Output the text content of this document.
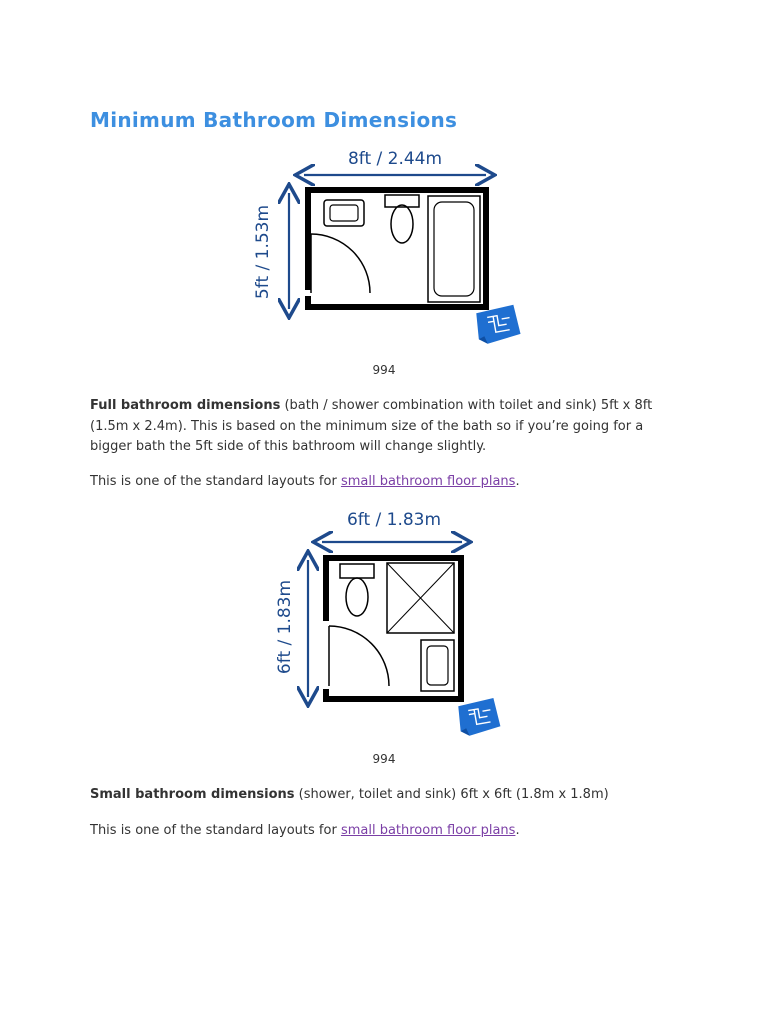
Minimum Bathroom Dimensions
8ft / 2.44m
5ft / 1.53m
994

Full bathroom dimensions (bath / shower combination with toilet and sink) 5ft x 8ft (1.5m x 2.4m). This is based on the minimum size of the bath so if you’re going for a bigger bath the 5ft side of this bathroom will change slightly.

This is one of the standard layouts for small bathroom floor plans.

6ft / 1.83m
6ft / 1.83m
994

Small bathroom dimensions (shower, toilet and sink) 6ft x 6ft (1.8m x 1.8m)

This is one of the standard layouts for small bathroom floor plans.
